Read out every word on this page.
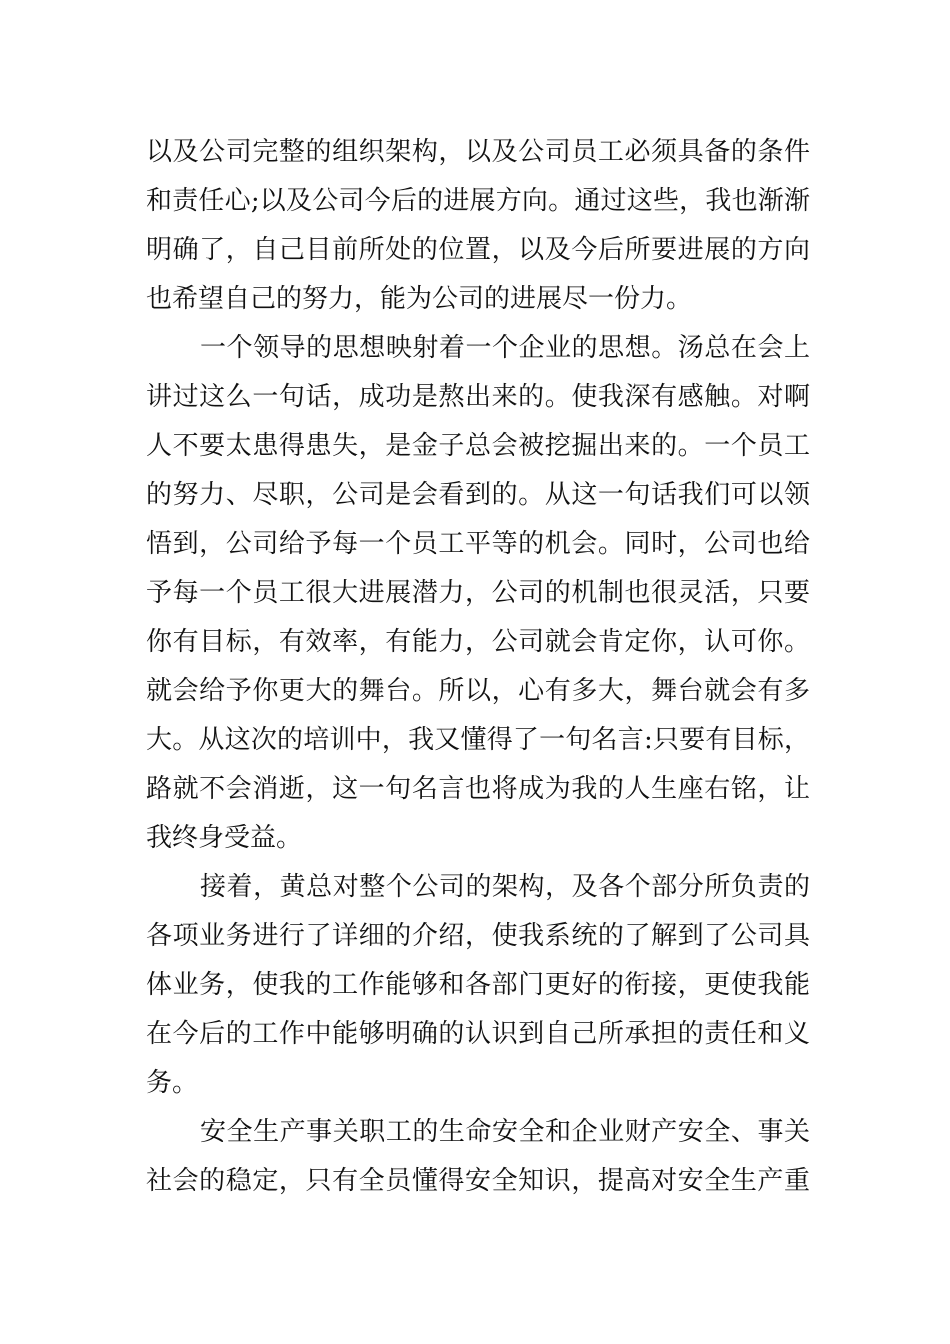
以及公司完整的组织架构，以及公司员工必须具备的条件
和责任心;以及公司今后的进展方向。通过这些，我也渐渐
明确了，自己目前所处的位置，以及今后所要进展的方向
也希望自己的努力，能为公司的进展尽一份力。
一个领导的思想映射着一个企业的思想。汤总在会上
讲过这么一句话，成功是熬出来的。使我深有感触。对啊
人不要太患得患失，是金子总会被挖掘出来的。一个员工
的努力、尽职，公司是会看到的。从这一句话我们可以领
悟到，公司给予每一个员工平等的机会。同时，公司也给
予每一个员工很大进展潜力，公司的机制也很灵活，只要
你有目标，有效率，有能力，公司就会肯定你，认可你。
就会给予你更大的舞台。所以，心有多大，舞台就会有多
大。从这次的培训中，我又懂得了一句名言:只要有目标，
路就不会消逝，这一句名言也将成为我的人生座右铭，让
我终身受益。
接着，黄总对整个公司的架构，及各个部分所负责的
各项业务进行了详细的介绍，使我系统的了解到了公司具
体业务，使我的工作能够和各部门更好的衔接，更使我能
在今后的工作中能够明确的认识到自己所承担的责任和义
务。
安全生产事关职工的生命安全和企业财产安全、事关
社会的稳定，只有全员懂得安全知识，提高对安全生产重
